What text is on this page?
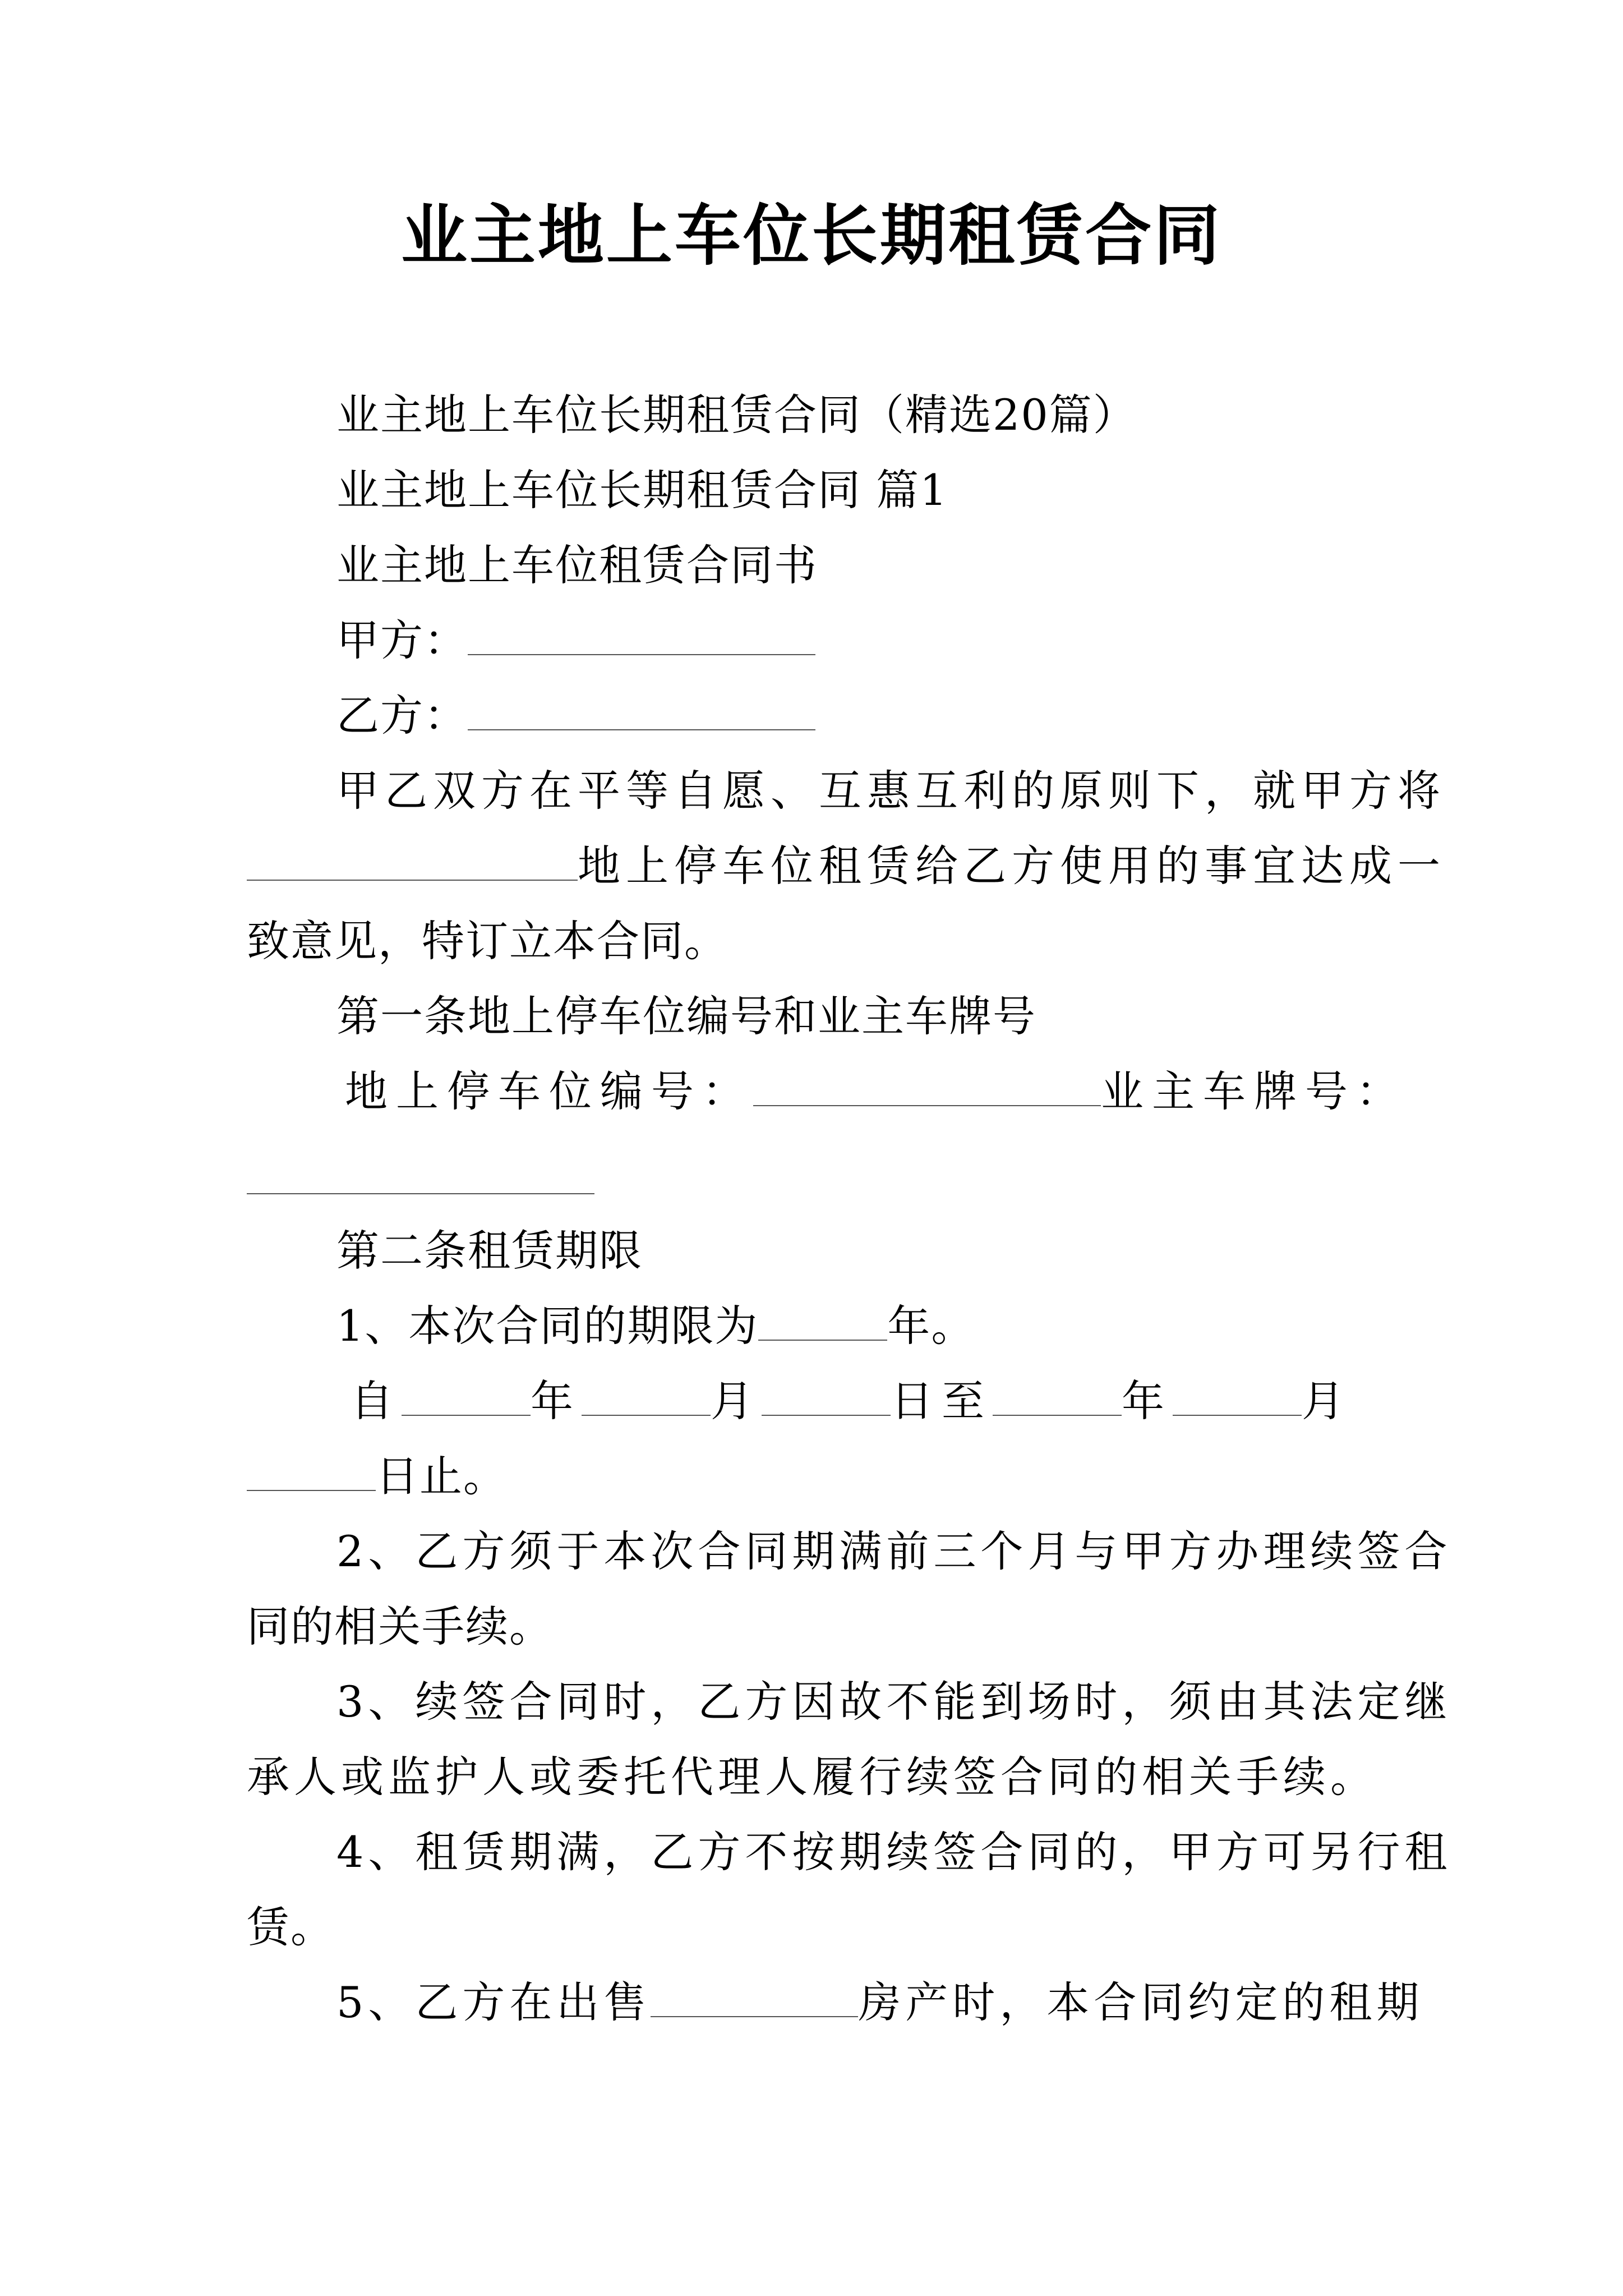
业主地上车位长期租赁合同
业主地上车位长期租赁合同（精选20篇）
业主地上车位长期租赁合同 篇1
业主地上车位租赁合同书
甲方：
乙方：
甲乙双方在平等自愿、互惠互利的原则下，就甲方将
地上停车位租赁给乙方使用的事宜达成一
致意见，特订立本合同。
第一条地上停车位编号和业主车牌号
地上停车位编号：	业主车牌号：
第二条租赁期限
1、本次合同的期限为	年。
自	年	月	日至	年	月
日止。
2、乙方须于本次合同期满前三个月与甲方办理续签合
同的相关手续。
3、续签合同时，乙方因故不能到场时，须由其法定继
承人或监护人或委托代理人履行续签合同的相关手续。
4、租赁期满，乙方不按期续签合同的，甲方可另行租
赁。
5、乙方在出售	房产时，本合同约定的租期
